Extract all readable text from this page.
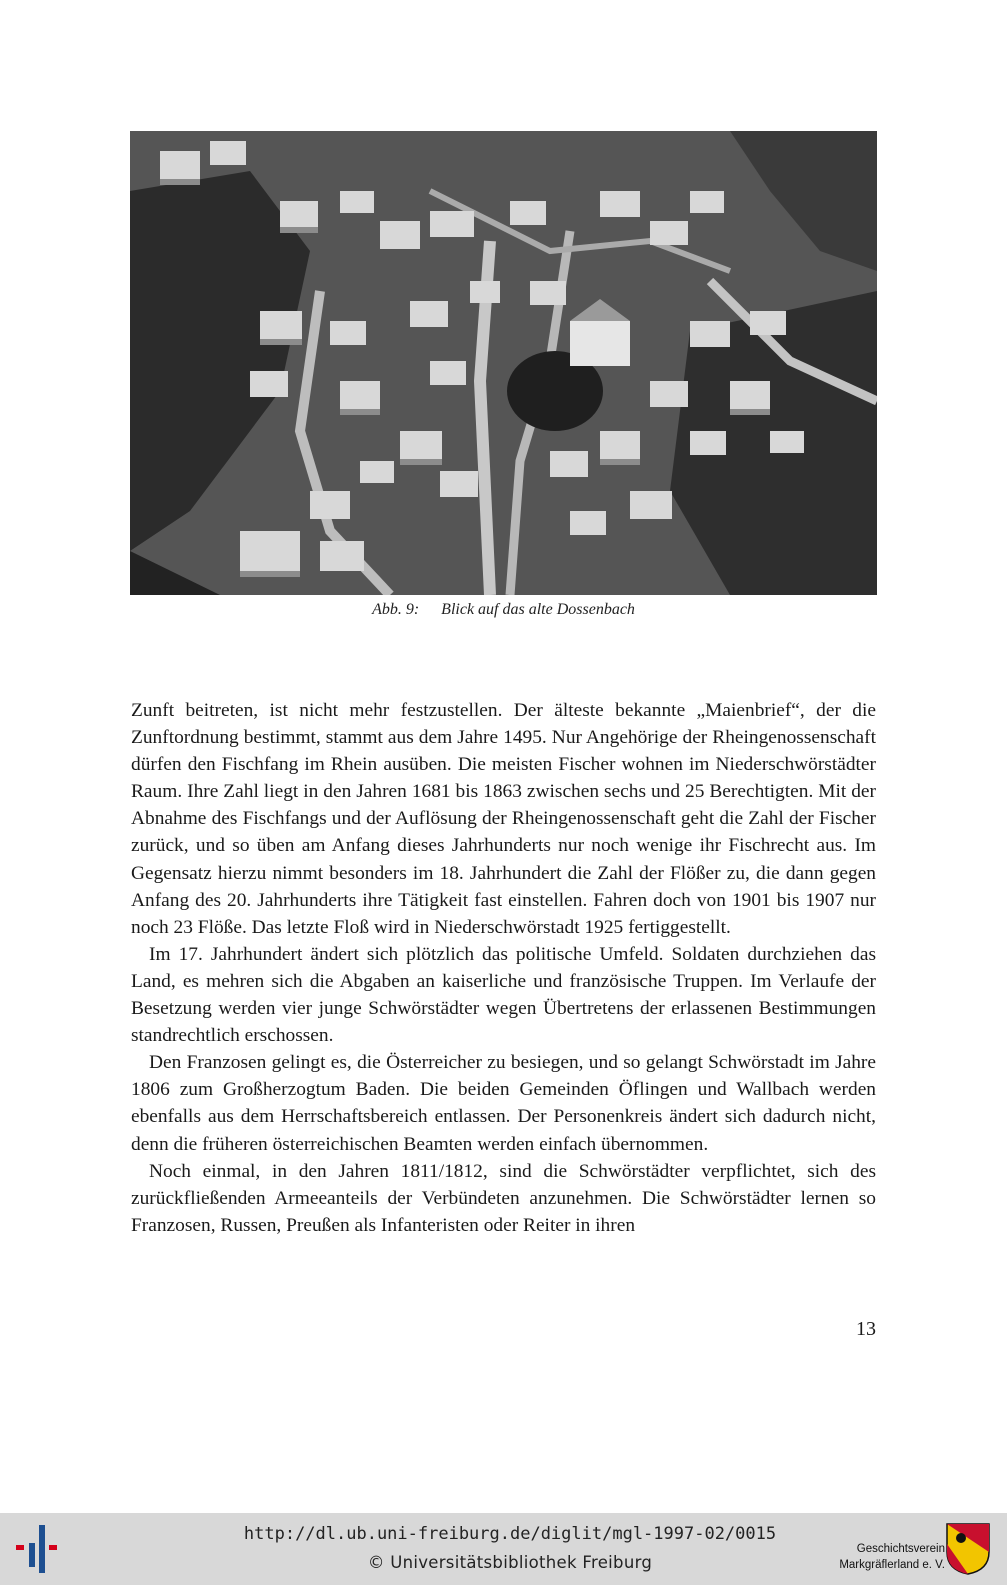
Abb. 9: Blick auf das alte Dossenbach

Zunft beitreten, ist nicht mehr festzustellen. Der älteste bekannte „Maienbrief“, der die Zunftordnung bestimmt, stammt aus dem Jahre 1495. Nur Angehörige der Rheingenossenschaft dürfen den Fischfang im Rhein ausüben. Die meisten Fischer wohnen im Niederschwörstädter Raum. Ihre Zahl liegt in den Jahren 1681 bis 1863 zwischen sechs und 25 Berechtigten. Mit der Abnahme des Fischfangs und der Auflösung der Rheingenossenschaft geht die Zahl der Fischer zurück, und so üben am Anfang dieses Jahrhunderts nur noch wenige ihr Fischrecht aus. Im Gegensatz hierzu nimmt besonders im 18. Jahrhundert die Zahl der Flößer zu, die dann gegen Anfang des 20. Jahrhunderts ihre Tätigkeit fast einstellen. Fahren doch von 1901 bis 1907 nur noch 23 Flöße. Das letzte Floß wird in Niederschwörstadt 1925 fertiggestellt.

Im 17. Jahrhundert ändert sich plötzlich das politische Umfeld. Soldaten durchziehen das Land, es mehren sich die Abgaben an kaiserliche und französische Truppen. Im Verlaufe der Besetzung werden vier junge Schwörstädter wegen Übertretens der erlassenen Bestimmungen standrechtlich erschossen.

Den Franzosen gelingt es, die Österreicher zu besiegen, und so gelangt Schwörstadt im Jahre 1806 zum Großherzogtum Baden. Die beiden Gemeinden Öflingen und Wallbach werden ebenfalls aus dem Herrschaftsbereich entlassen. Der Personenkreis ändert sich dadurch nicht, denn die früheren österreichischen Beamten werden einfach übernommen.

Noch einmal, in den Jahren 1811/1812, sind die Schwörstädter verpflichtet, sich des zurückfließenden Armeeanteils der Verbündeten anzunehmen. Die Schwörstädter lernen so Franzosen, Russen, Preußen als Infanteristen oder Reiter in ihren

13
http://dl.ub.uni-freiburg.de/diglit/mgl-1997-02/0015
© Universitätsbibliothek Freiburg
Geschichtsverein
Markgräflerland e. V.
